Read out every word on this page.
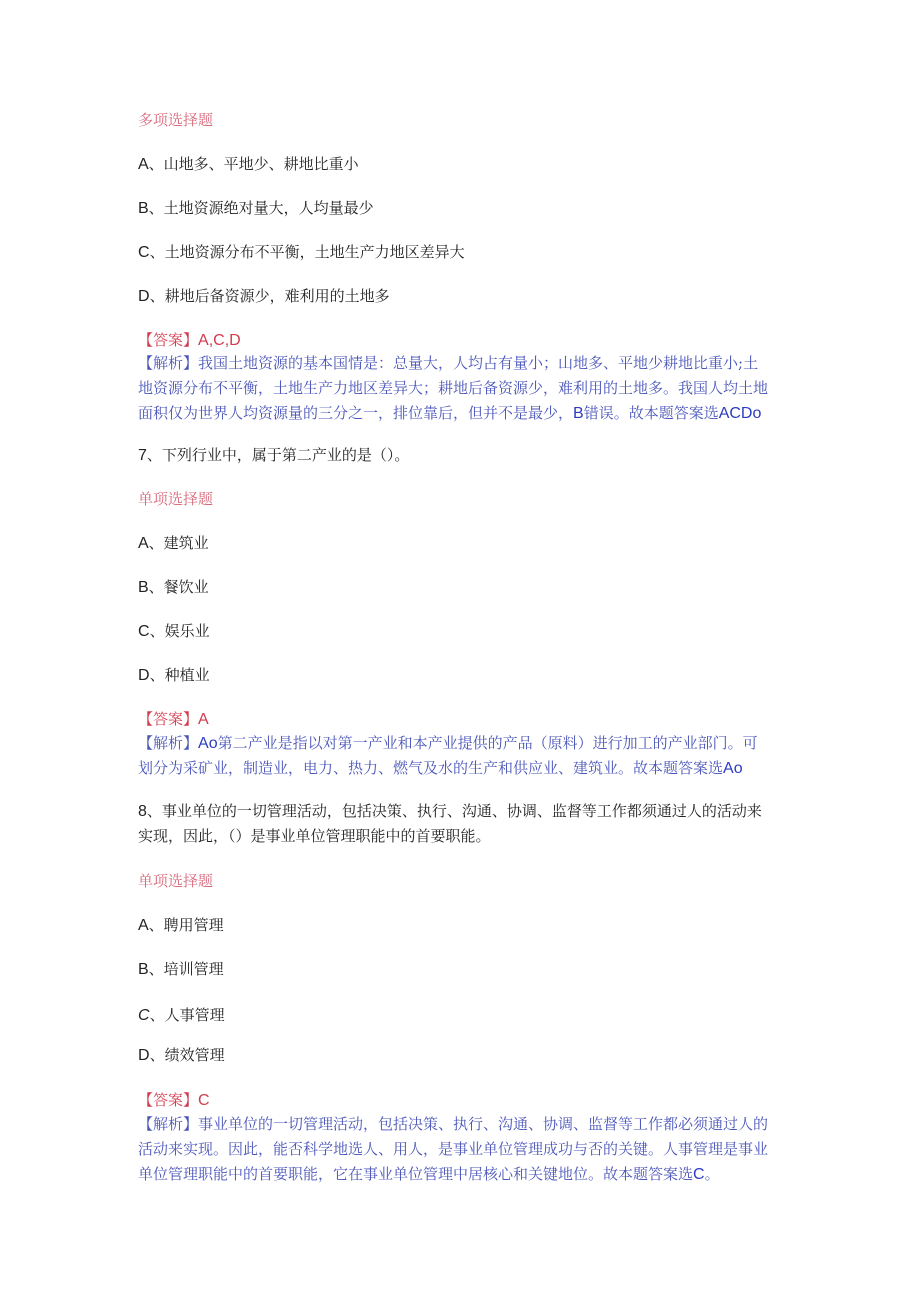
多项选择题
A、山地多、平地少、耕地比重小
B、土地资源绝对量大，人均量最少
C、土地资源分布不平衡，土地生产力地区差异大
D、耕地后备资源少，难利用的土地多
【答案】A,C,D
【解析】我国土地资源的基本国情是：总量大，人均占有量小；山地多、平地少耕地比重小;土
地资源分布不平衡，土地生产力地区差异大；耕地后备资源少，难利用的土地多。我国人均土地
面积仅为世界人均资源量的三分之一，排位靠后，但并不是最少，B错误。故本题答案选ACDo
7、下列行业中，属于第二产业的是（）。
单项选择题
A、建筑业
B、餐饮业
C、娱乐业
D、种植业
【答案】A
【解析】Ao第二产业是指以对第一产业和本产业提供的产品（原料）进行加工的产业部门。可
划分为采矿业，制造业，电力、热力、燃气及水的生产和供应业、建筑业。故本题答案选Ao
8、事业单位的一切管理活动，包括决策、执行、沟通、协调、监督等工作都须通过人的活动来
实现，因此，（）是事业单位管理职能中的首要职能。
单项选择题
A、聘用管理
B、培训管理
C、人事管理
D、绩效管理
【答案】C
【解析】事业单位的一切管理活动，包括决策、执行、沟通、协调、监督等工作都必须通过人的
活动来实现。因此，能否科学地选人、用人，是事业单位管理成功与否的关键。人事管理是事业
单位管理职能中的首要职能，它在事业单位管理中居核心和关键地位。故本题答案选C。
